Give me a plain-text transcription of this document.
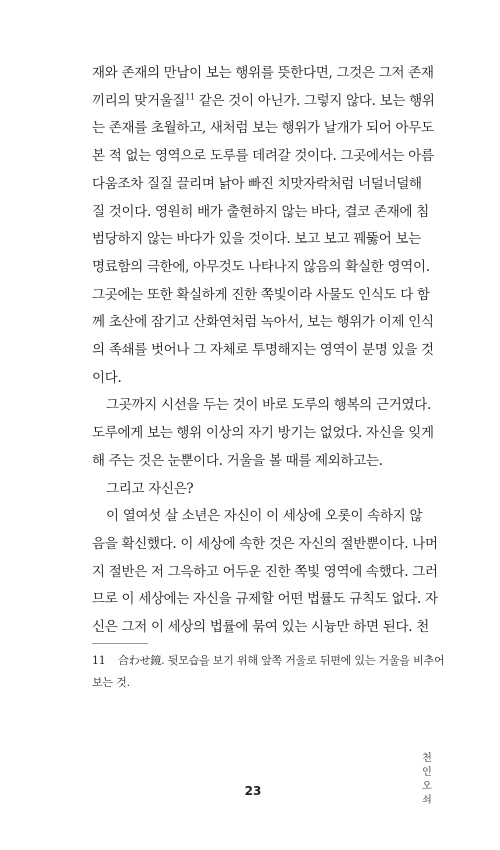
재와 존재의 만남이 보는 행위를 뜻한다면, 그것은 그저 존재
끼리의 맞거울질$^{11}$ 같은 것이 아닌가. 그렇지 않다. 보는 행위
는 존재를 초월하고, 새처럼 보는 행위가 날개가 되어 아무도
본 적 없는 영역으로 도루를 데려갈 것이다. 그곳에서는 아름
다움조차 질질 끌리며 낡아 빠진 치맛자락처럼 너덜너덜해
질 것이다. 영원히 배가 출현하지 않는 바다, 결코 존재에 침
범당하지 않는 바다가 있을 것이다. 보고 보고 꿰뚫어 보는
명료함의 극한에, 아무것도 나타나지 않음의 확실한 영역이.
그곳에는 또한 확실하게 진한 쪽빛이라 사물도 인식도 다 함
께 초산에 잠기고 산화연처럼 녹아서, 보는 행위가 이제 인식
의 족쇄를 벗어나 그 자체로 투명해지는 영역이 분명 있을 것
이다.

그곳까지 시선을 두는 것이 바로 도루의 행복의 근거였다.
도루에게 보는 행위 이상의 자기 방기는 없었다. 자신을 잊게
해 주는 것은 눈뿐이다. 거울을 볼 때를 제외하고는.

그리고 자신은?

이 열여섯 살 소년은 자신이 이 세상에 오롯이 속하지 않
음을 확신했다. 이 세상에 속한 것은 자신의 절반뿐이다. 나머
지 절반은 저 그윽하고 어두운 진한 쪽빛 영역에 속했다. 그러
므로 이 세상에는 자신을 규제할 어떤 법률도 규칙도 없다. 자
신은 그저 이 세상의 법률에 묶여 있는 시늉만 하면 된다. 천

11 合わせ鏡. 뒷모습을 보기 위해 앞쪽 거울로 뒤편에 있는 거울을 비추어
보는 것.
천
인
오
쇠
23
